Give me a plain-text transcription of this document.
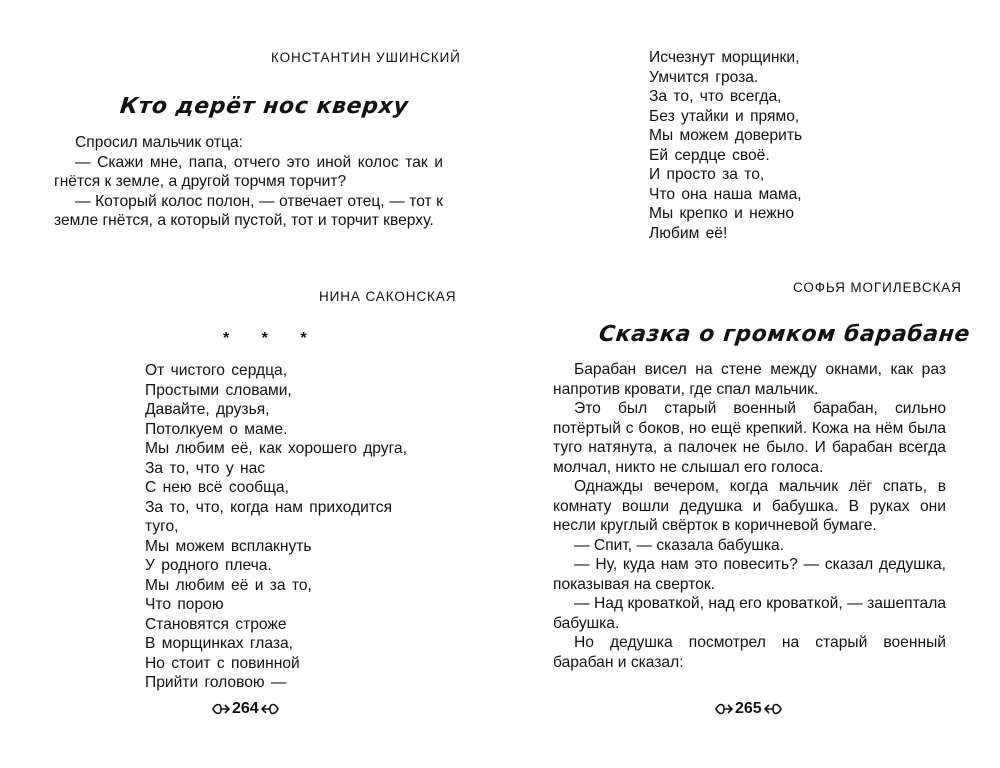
КОНСТАНТИН УШИНСКИЙ
Кто дерёт нос кверху

Спросил мальчик отца:

— Скажи мне, папа, отчего это иной колос так и гнётся к земле, а другой торчмя торчит?

— Который колос полон, — отвечает отец, — тот к земле гнётся, а который пустой, тот и торчит кверху.

НИНА САКОНСКАЯ
* * *
От чистого сердца,
Простыми словами,
Давайте, друзья,
Потолкуем о маме.
Мы любим её, как хорошего друга,
За то, что у нас
С нею всё сообща,
За то, что, когда нам приходится
туго,
Мы можем всплакнуть
У родного плеча.
Мы любим её и за то,
Что порою
Становятся строже
В морщинках глаза,
Но стоит с повинной
Прийти головою —
264
Исчезнут морщинки,
Умчится гроза.
За то, что всегда,
Без утайки и прямо,
Мы можем доверить
Ей сердце своё.
И просто за то,
Что она наша мама,
Мы крепко и нежно
Любим её!
СОФЬЯ МОГИЛЕВСКАЯ
Сказка о громком барабане

Барабан висел на стене между окнами, как раз напротив кровати, где спал мальчик.

Это был старый военный барабан, сильно потёртый с боков, но ещё крепкий. Кожа на нём была туго натянута, а палочек не было. И барабан всегда молчал, никто не слышал его голоса.

Однажды вечером, когда мальчик лёг спать, в комнату вошли дедушка и бабушка. В руках они несли круглый свёрток в коричневой бумаге.

— Спит, — сказала бабушка.

— Ну, куда нам это повесить? — сказал дедушка, показывая на сверток.

— Над кроваткой, над его кроваткой, — зашептала бабушка.

Но дедушка посмотрел на старый военный барабан и сказал:

265
